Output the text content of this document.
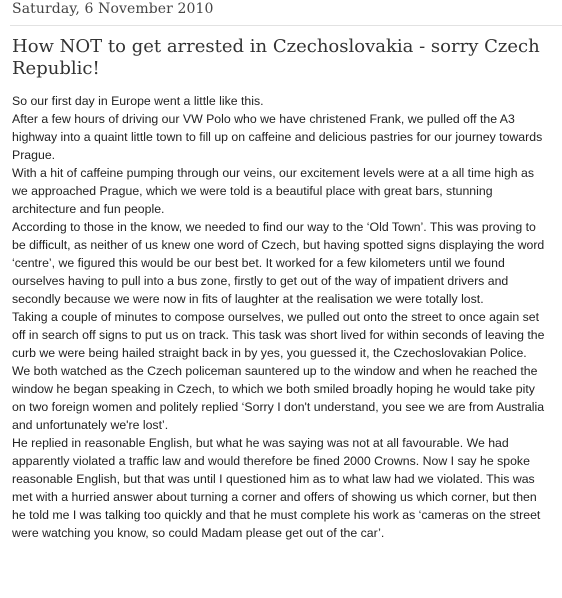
Saturday, 6 November 2010
How NOT to get arrested in Czechoslovakia - sorry Czech Republic!

So our first day in Europe went a little like this.

After a few hours of driving our VW Polo who we have christened Frank, we pulled off the A3 highway into a quaint little town to fill up on caffeine and delicious pastries for our journey towards Prague.

With a hit of caffeine pumping through our veins, our excitement levels were at a all time high as we approached Prague, which we were told is a beautiful place with great bars, stunning architecture and fun people.

According to those in the know, we needed to find our way to the ‘Old Town’. This was proving to be difficult, as neither of us knew one word of Czech, but having spotted signs displaying the word ‘centre’, we figured this would be our best bet. It worked for a few kilometers until we found ourselves having to pull into a bus zone, firstly to get out of the way of impatient drivers and secondly because we were now in fits of laughter at the realisation we were totally lost.

Taking a couple of minutes to compose ourselves, we pulled out onto the street to once again set off in search off signs to put us on track. This task was short lived for within seconds of leaving the curb we were being hailed straight back in by yes, you guessed it, the Czechoslovakian Police.

We both watched as the Czech policeman sauntered up to the window and when he reached the window he began speaking in Czech, to which we both smiled broadly hoping he would take pity on two foreign women and politely replied ‘Sorry I don't understand, you see we are from Australia and unfortunately we're lost’.

He replied in reasonable English, but what he was saying was not at all favourable. We had apparently violated a traffic law and would therefore be fined 2000 Crowns. Now I say he spoke reasonable English, but that was until I questioned him as to what law had we violated. This was met with a hurried answer about turning a corner and offers of showing us which corner, but then he told me I was talking too quickly and that he must complete his work as ‘cameras on the street were watching you know, so could Madam please get out of the car’.
